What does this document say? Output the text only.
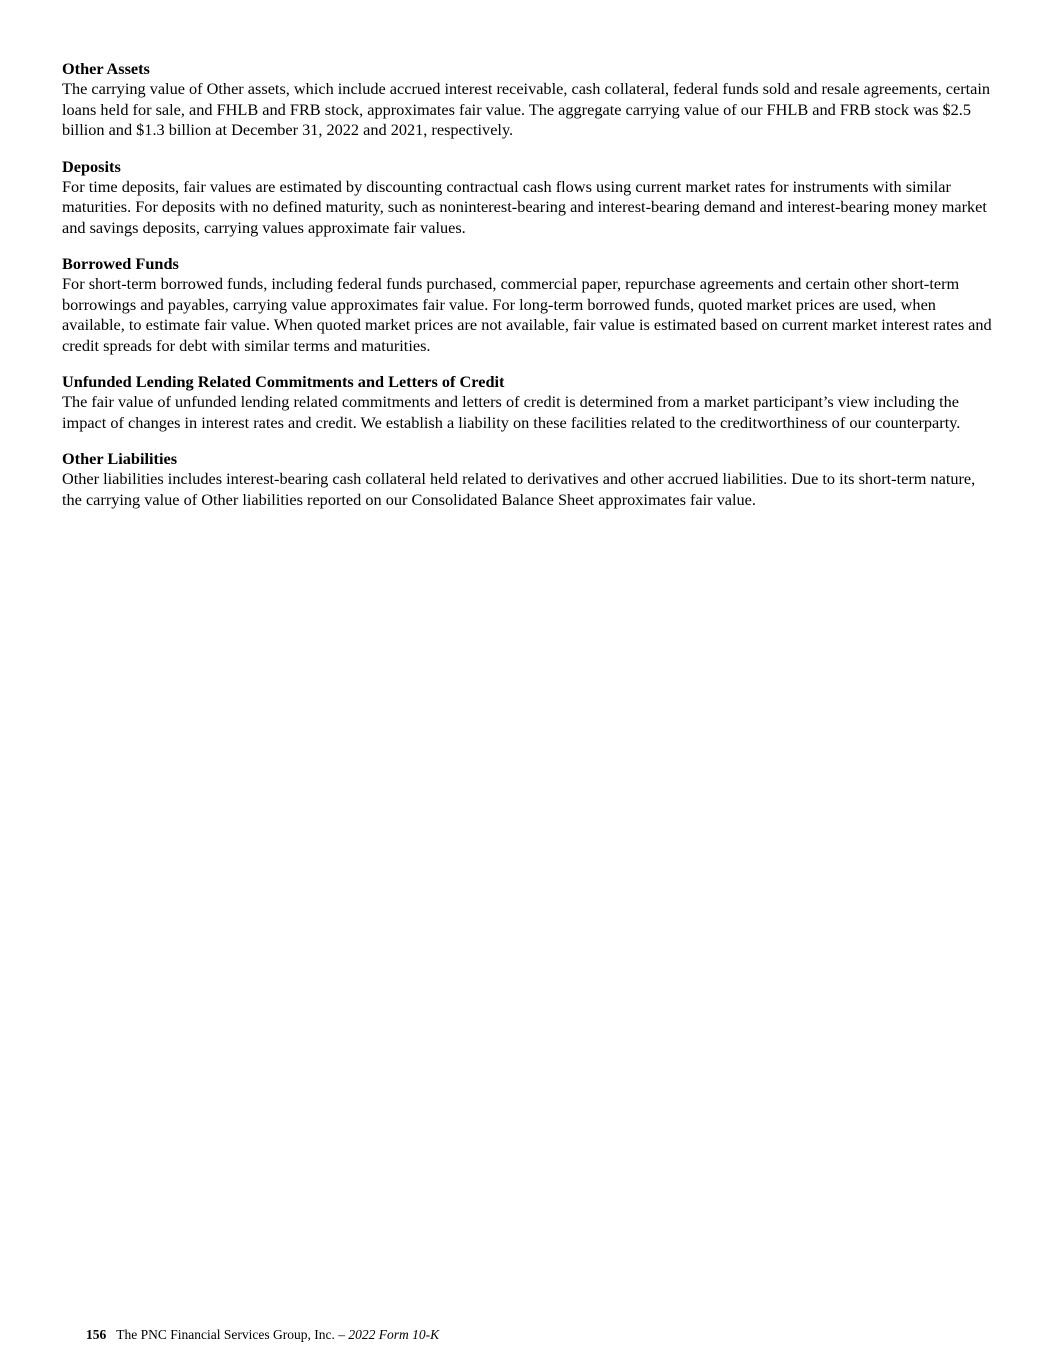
Other Assets

The carrying value of Other assets, which include accrued interest receivable, cash collateral, federal funds sold and resale agreements, certain loans held for sale, and FHLB and FRB stock, approximates fair value. The aggregate carrying value of our FHLB and FRB stock was $2.5 billion and $1.3 billion at December 31, 2022 and 2021, respectively.

Deposits

For time deposits, fair values are estimated by discounting contractual cash flows using current market rates for instruments with similar maturities. For deposits with no defined maturity, such as noninterest-bearing and interest-bearing demand and interest-bearing money market and savings deposits, carrying values approximate fair values.

Borrowed Funds

For short-term borrowed funds, including federal funds purchased, commercial paper, repurchase agreements and certain other short-term borrowings and payables, carrying value approximates fair value. For long-term borrowed funds, quoted market prices are used, when available, to estimate fair value. When quoted market prices are not available, fair value is estimated based on current market interest rates and credit spreads for debt with similar terms and maturities.

Unfunded Lending Related Commitments and Letters of Credit

The fair value of unfunded lending related commitments and letters of credit is determined from a market participant’s view including the impact of changes in interest rates and credit. We establish a liability on these facilities related to the creditworthiness of our counterparty.

Other Liabilities

Other liabilities includes interest-bearing cash collateral held related to derivatives and other accrued liabilities. Due to its short-term nature, the carrying value of Other liabilities reported on our Consolidated Balance Sheet approximates fair value.

156 The PNC Financial Services Group, Inc. – 2022 Form 10-K
